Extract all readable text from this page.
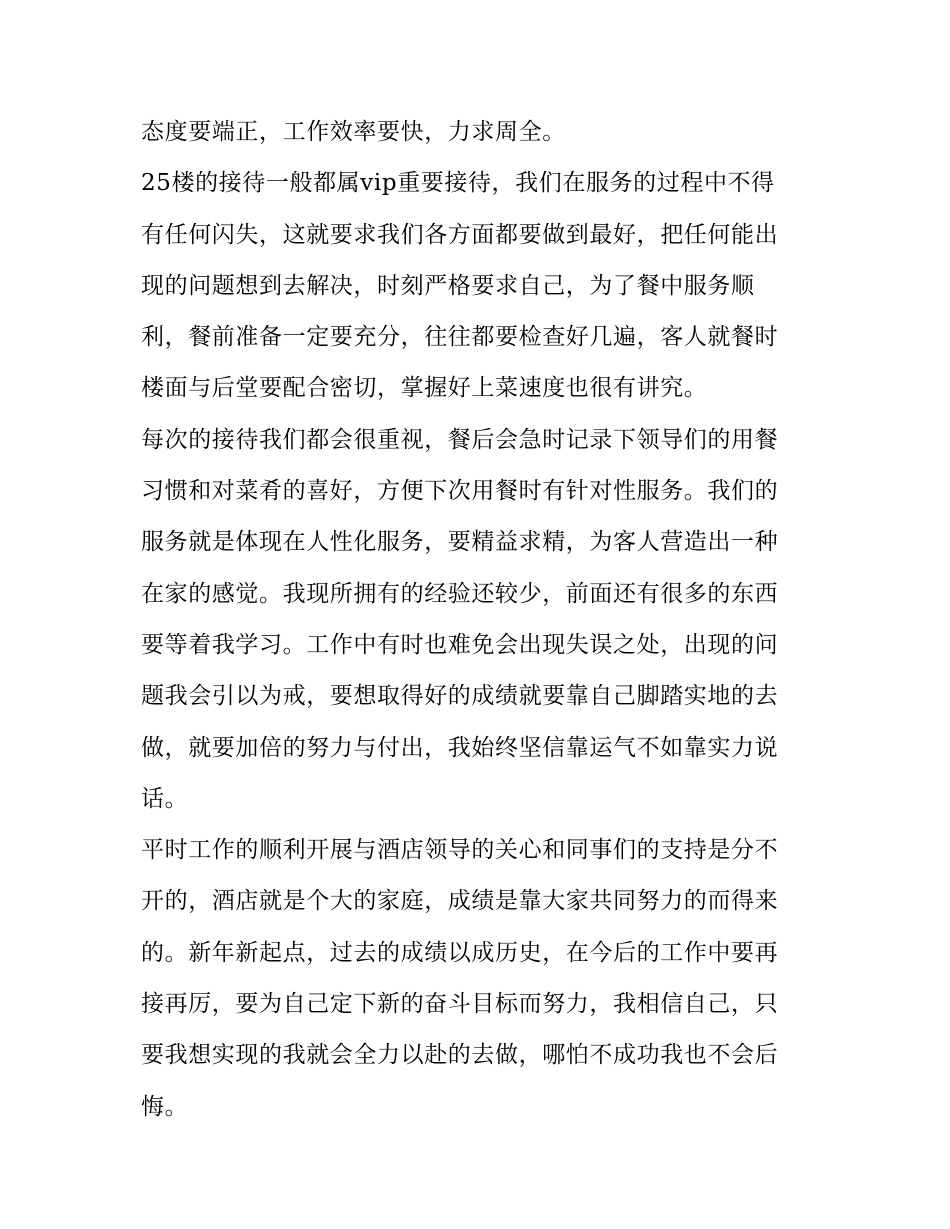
态度要端正，工作效率要快，力求周全。
25楼的接待一般都属vip重要接待，我们在服务的过程中不得
有任何闪失，这就要求我们各方面都要做到最好，把任何能出
现的问题想到去解决，时刻严格要求自己，为了餐中服务顺
利，餐前准备一定要充分，往往都要检查好几遍，客人就餐时
楼面与后堂要配合密切，掌握好上菜速度也很有讲究。
每次的接待我们都会很重视，餐后会急时记录下领导们的用餐
习惯和对菜肴的喜好，方便下次用餐时有针对性服务。我们的
服务就是体现在人性化服务，要精益求精，为客人营造出一种
在家的感觉。我现所拥有的经验还较少，前面还有很多的东西
要等着我学习。工作中有时也难免会出现失误之处，出现的问
题我会引以为戒，要想取得好的成绩就要靠自己脚踏实地的去
做，就要加倍的努力与付出，我始终坚信靠运气不如靠实力说
话。
平时工作的顺利开展与酒店领导的关心和同事们的支持是分不
开的，酒店就是个大的家庭，成绩是靠大家共同努力的而得来
的。新年新起点，过去的成绩以成历史，在今后的工作中要再
接再厉，要为自己定下新的奋斗目标而努力，我相信自己，只
要我想实现的我就会全力以赴的去做，哪怕不成功我也不会后
悔。
